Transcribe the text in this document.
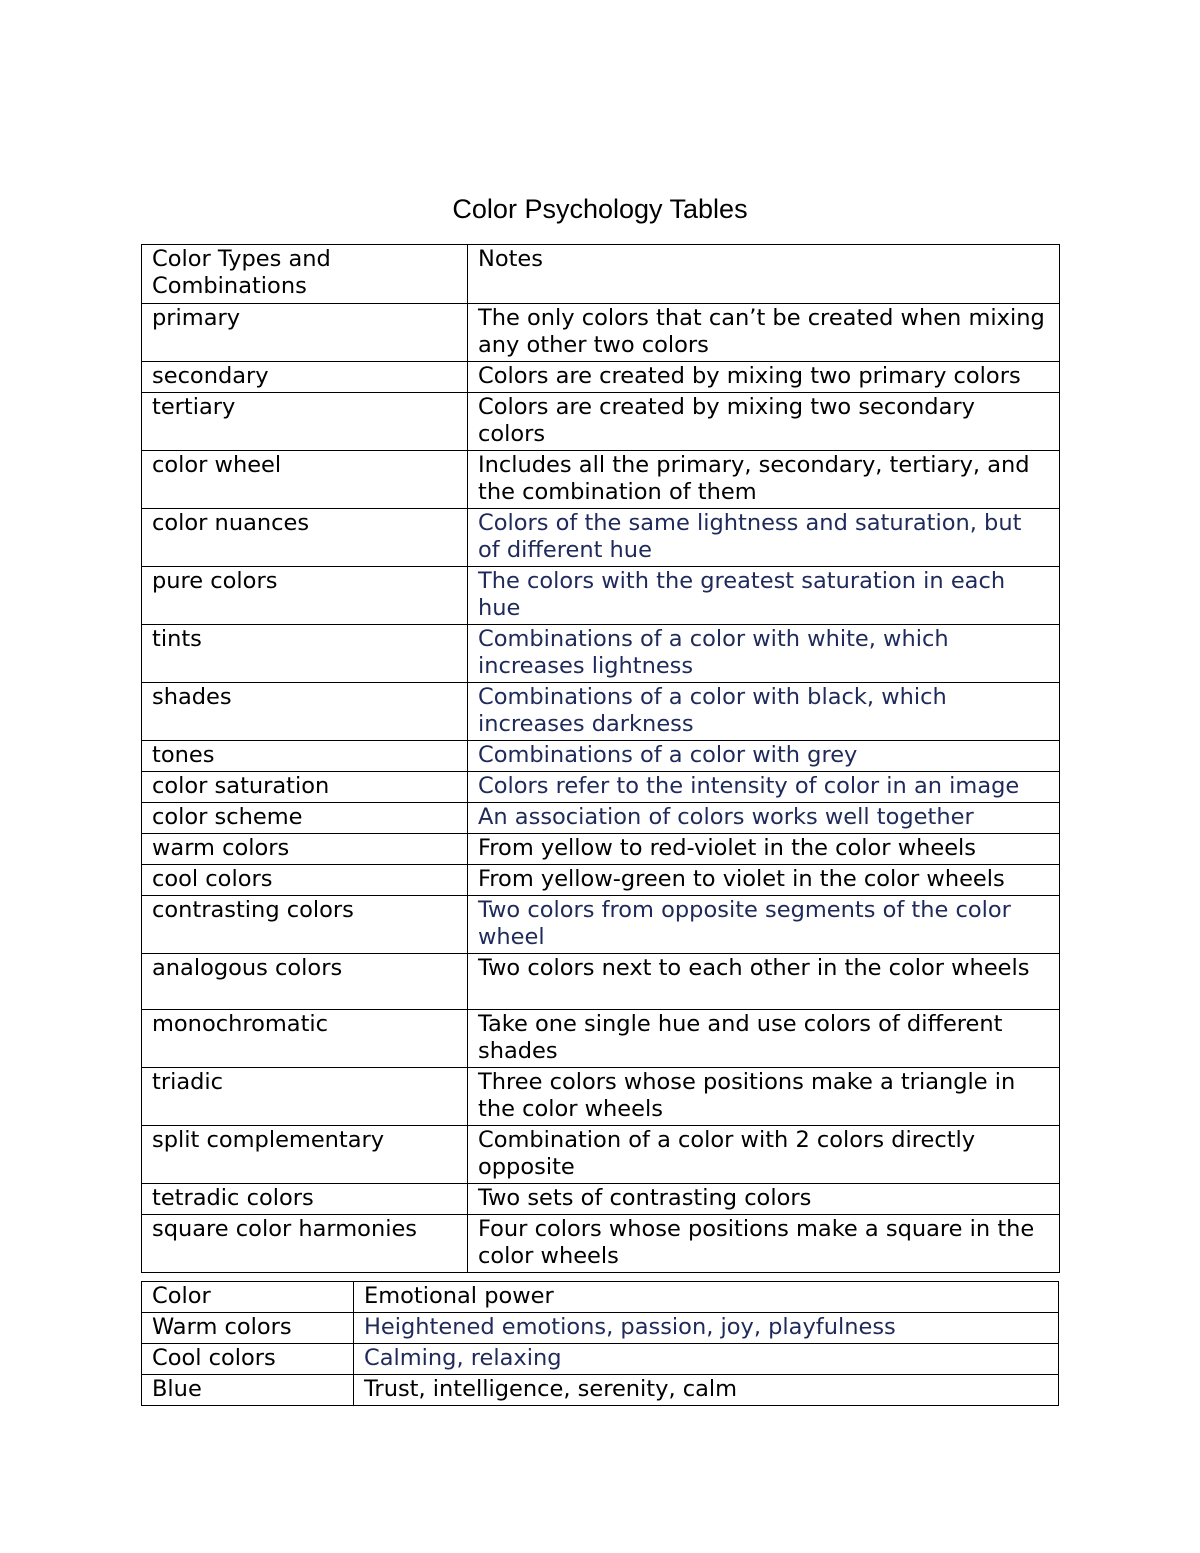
Color Psychology Tables
Color Types and Combinations	Notes
primary	The only colors that can’t be created when mixing any other two colors
secondary	Colors are created by mixing two primary colors
tertiary	Colors are created by mixing two secondary colors
color wheel	Includes all the primary, secondary, tertiary, and the combination of them
color nuances	Colors of the same lightness and saturation, but of different hue
pure colors	The colors with the greatest saturation in each hue
tints	Combinations of a color with white, which increases lightness
shades	Combinations of a color with black, which increases darkness
tones	Combinations of a color with grey
color saturation	Colors refer to the intensity of color in an image
color scheme	An association of colors works well together
warm colors	From yellow to red-violet in the color wheels
cool colors	From yellow-green to violet in the color wheels
contrasting colors	Two colors from opposite segments of the color wheel
analogous colors	Two colors next to each other in the color wheels
monochromatic	Take one single hue and use colors of different shades
triadic	Three colors whose positions make a triangle in the color wheels
split complementary	Combination of a color with 2 colors directly opposite
tetradic colors	Two sets of contrasting colors
square color harmonies	Four colors whose positions make a square in the color wheels
Color	Emotional power
Warm colors	Heightened emotions, passion, joy, playfulness
Cool colors	Calming, relaxing
Blue	Trust, intelligence, serenity, calm
